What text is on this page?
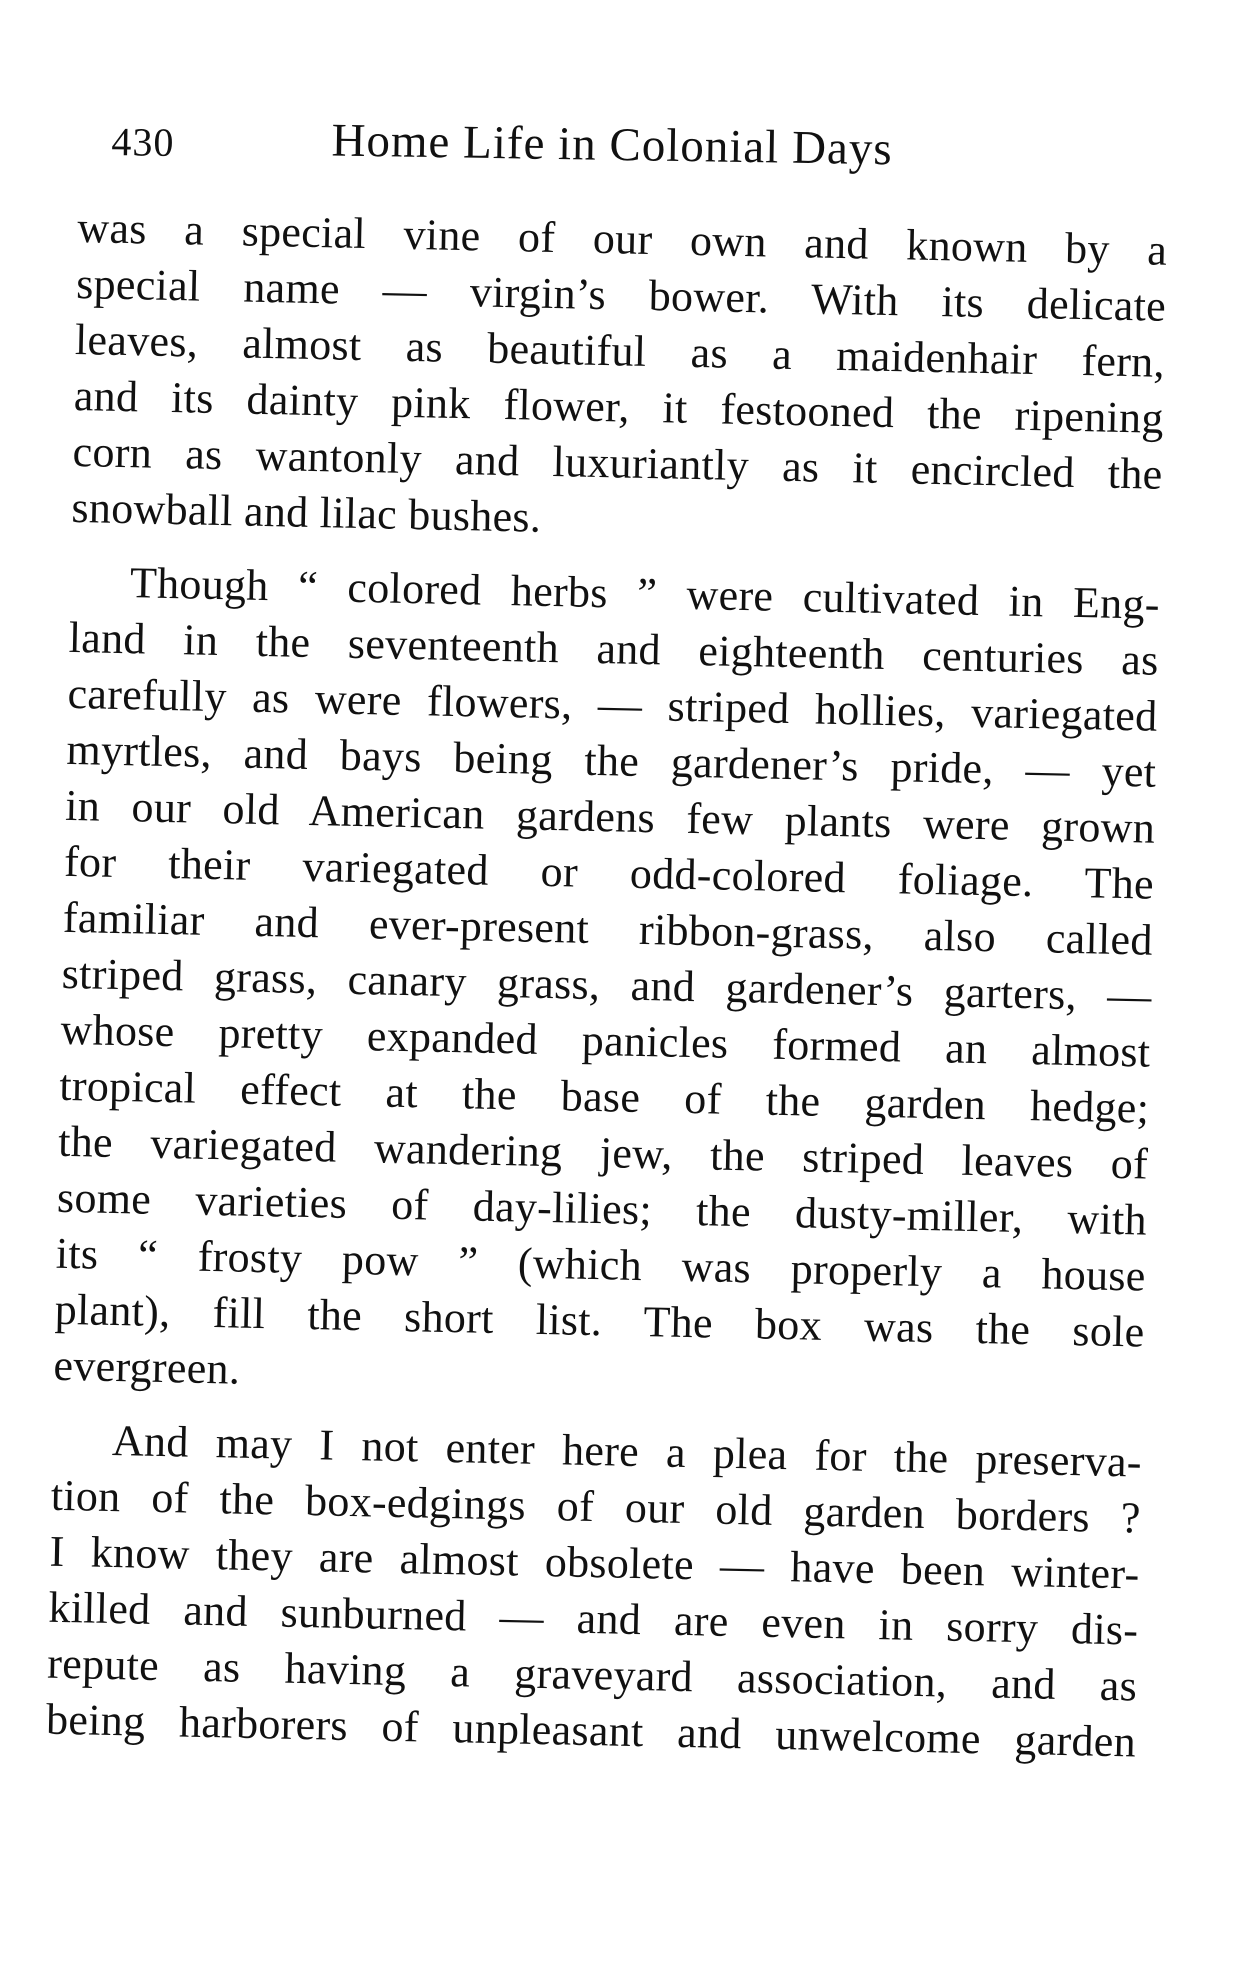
430	Home Life in Colonial Days
was a special vine of our own and known by a
special name — virgin’s bower. With its delicate
leaves, almost as beautiful as a maidenhair fern,
and its dainty pink flower, it festooned the ripening
corn as wantonly and luxuriantly as it encircled the
snowball and lilac bushes.
Though “ colored herbs ” were cultivated in Eng-
land in the seventeenth and eighteenth centuries as
carefully as were flowers, — striped hollies, variegated
myrtles, and bays being the gardener’s pride, — yet
in our old American gardens few plants were grown
for their variegated or odd-colored foliage. The
familiar and ever-present ribbon-grass, also called
striped grass, canary grass, and gardener’s garters, —
whose pretty expanded panicles formed an almost
tropical effect at the base of the garden hedge;
the variegated wandering jew, the striped leaves of
some varieties of day-lilies; the dusty-miller, with
its “ frosty pow ” (which was properly a house
plant), fill the short list. The box was the sole
evergreen.
And may I not enter here a plea for the preserva-
tion of the box-edgings of our old garden borders ?
I know they are almost obsolete — have been winter-
killed and sunburned — and are even in sorry dis-
repute as having a graveyard association, and as
being harborers of unpleasant and unwelcome garden
